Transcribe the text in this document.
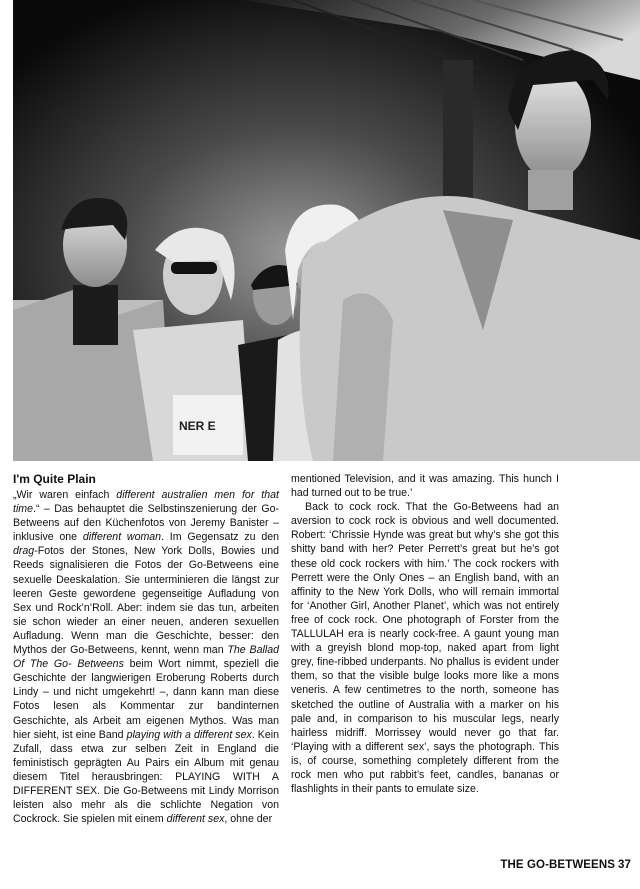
NER E
I'm Quite Plain

„Wir waren einfach different australien men for that time.“ – Das behauptet die Selbstinszenierung der Go-Betweens auf den Küchenfotos von Jeremy Banister – inklusive one different woman. Im Gegensatz zu den drag-Fotos der Stones, New York Dolls, Bowies und Reeds signalisieren die Fotos der Go-Betweens eine sexuelle Deeskalation. Sie unterminieren die längst zur leeren Geste gewordene gegenseitige Aufladung von Sex und Rock’n’Roll. Aber: indem sie das tun, arbeiten sie schon wieder an einer neuen, anderen sexuellen Aufladung. Wenn man die Geschichte, besser: den Mythos der Go-Betweens, kennt, wenn man The Ballad Of The Go- Betweens beim Wort nimmt, speziell die Geschichte der langwierigen Eroberung Roberts durch Lindy – und nicht umgekehrt! –, dann kann man diese Fotos lesen als Kommentar zur bandinternen Geschichte, als Arbeit am eigenen Mythos. Was man hier sieht, ist eine Band playing with a different sex. Kein Zufall, dass etwa zur selben Zeit in England die feministisch geprägten Au Pairs ein Album mit genau diesem Titel herausbringen: PLAYING WITH A DIFFERENT SEX. Die Go-Betweens mit Lindy Morrison leisten also mehr als die schlichte Negation von Cockrock. Sie spielen mit einem different sex, ohne der

mentioned Television, and it was amazing. This hunch I had turned out to be true.’

Back to cock rock. That the Go-Betweens had an aversion to cock rock is obvious and well documented. Robert: ‘Chrissie Hynde was great but why’s she got this shitty band with her? Peter Perrett’s great but he’s got these old cock rockers with him.’ The cock rockers with Perrett were the Only Ones – an English band, with an affinity to the New York Dolls, who will remain immortal for ‘Another Girl, Another Planet’, which was not entirely free of cock rock. One photograph of Forster from the TALLULAH era is nearly cock-free. A gaunt young man with a greyish blond mop-top, naked apart from light grey, fine-ribbed underpants. No phallus is evident under them, so that the visible bulge looks more like a mons veneris. A few centimetres to the north, someone has sketched the outline of Australia with a marker on his pale and, in comparison to his muscular legs, nearly hairless midriff. Morrissey would never go that far. ‘Playing with a different sex’, says the photograph. This is, of course, something completely different from the rock men who put rabbit’s feet, candles, bananas or flashlights in their pants to emulate size.

THE GO-BETWEENS 37
